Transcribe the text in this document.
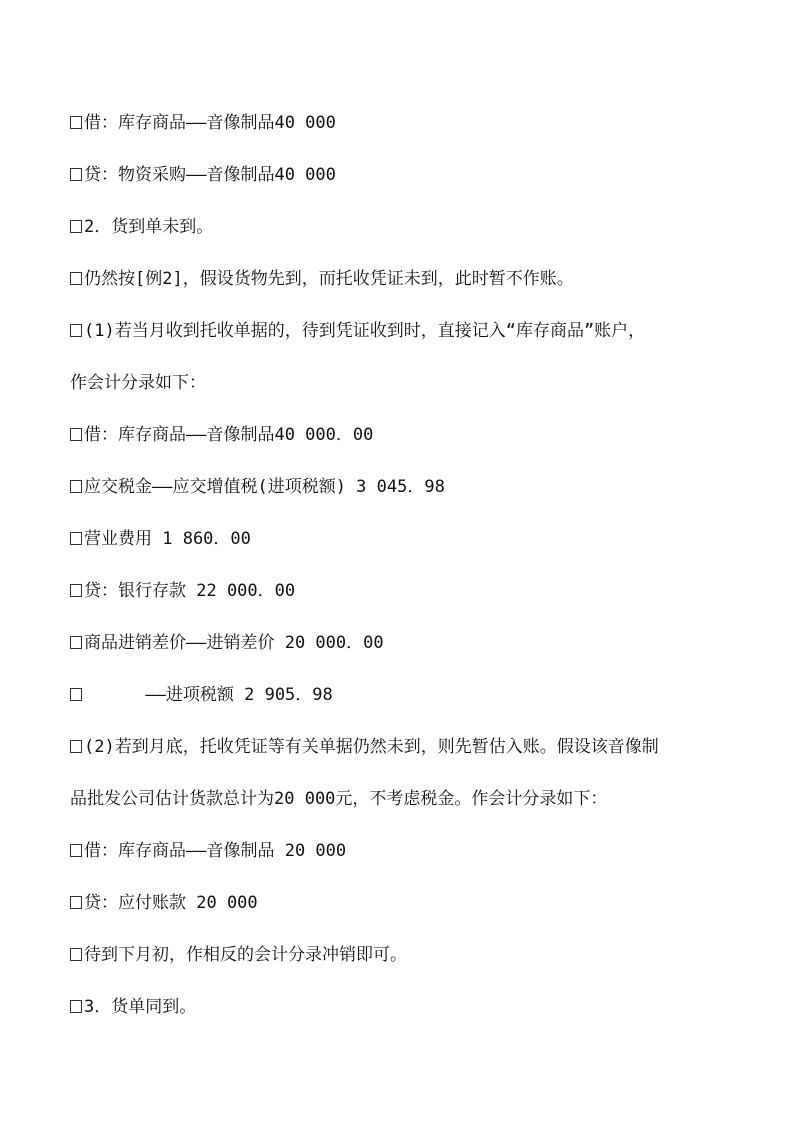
借：库存商品——音像制品40 000
贷：物资采购——音像制品40 000
2．货到单未到。
仍然按[例2]，假设货物先到，而托收凭证未到，此时暂不作账。
(1)若当月收到托收单据的，待到凭证收到时，直接记入“库存商品”账户，
作会计分录如下：
借：库存商品——音像制品40 000．00
应交税金——应交增值税(进项税额) 3 045．98
营业费用 1 860．00
贷：银行存款 22 000．00
商品进销差价——进销差价 20 000．00
——进项税额 2 905．98
(2)若到月底，托收凭证等有关单据仍然未到，则先暂估入账。假设该音像制
品批发公司估计货款总计为20 000元，不考虑税金。作会计分录如下：
借：库存商品——音像制品 20 000
贷：应付账款 20 000
待到下月初，作相反的会计分录冲销即可。
3．货单同到。
